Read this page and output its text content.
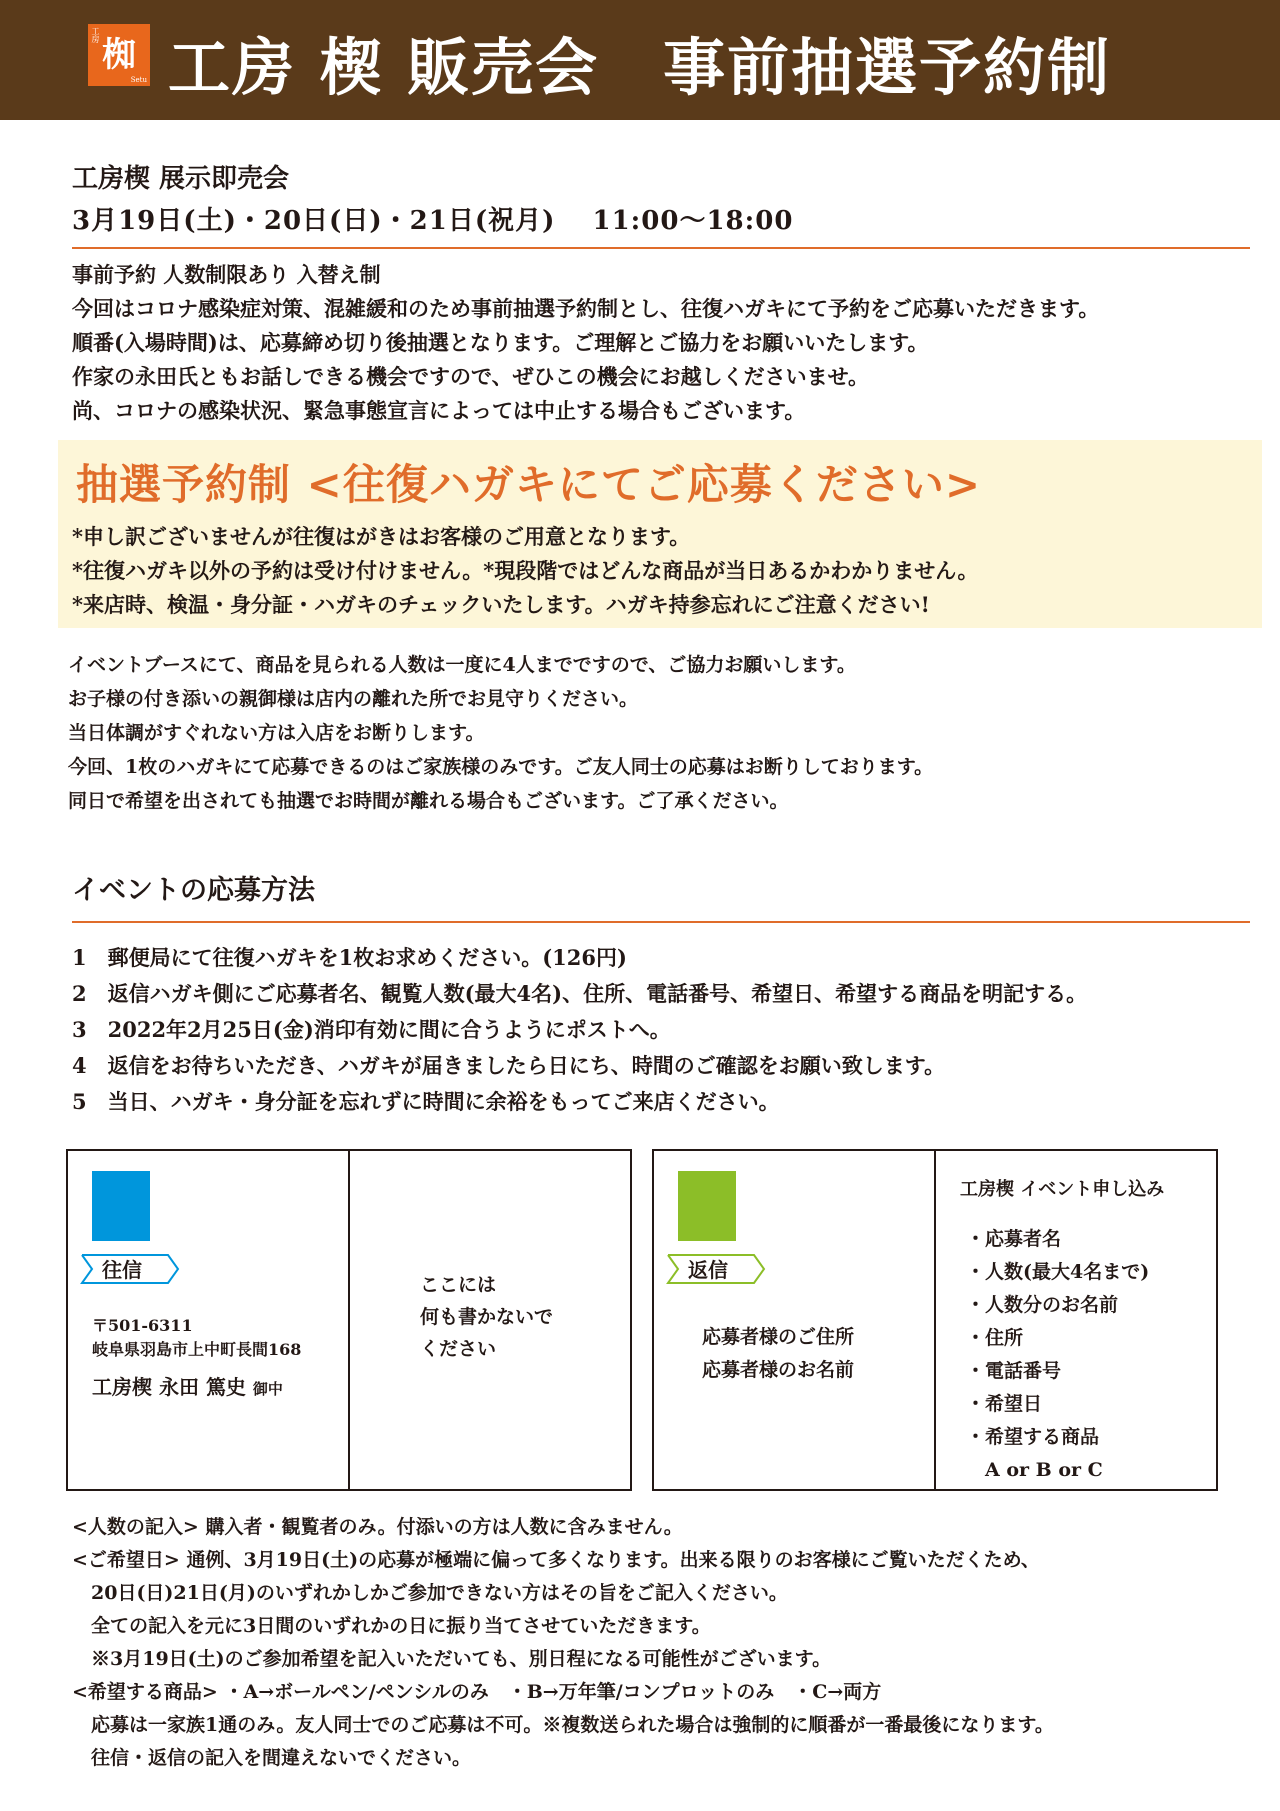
工房 椥
Setu 工房 楔 販売会　事前抽選予約制
工房楔 展示即売会
3月19日(土)・20日(日)・21日(祝月)　 11:00～18:00
事前予約 人数制限あり 入替え制
今回はコロナ感染症対策、混雑緩和のため事前抽選予約制とし、往復ハガキにて予約をご応募いただきます。
順番(入場時間)は、応募締め切り後抽選となります。ご理解とご協力をお願いいたします。
作家の永田氏ともお話しできる機会ですので、ぜひこの機会にお越しくださいませ。
尚、コロナの感染状況、緊急事態宣言によっては中止する場合もございます。
抽選予約制 <往復ハガキにてご応募ください>
*申し訳ございませんが往復はがきはお客様のご用意となります。
*往復ハガキ以外の予約は受け付けません。*現段階ではどんな商品が当日あるかわかりません。
*来店時、検温・身分証・ハガキのチェックいたします。ハガキ持参忘れにご注意ください!
イベントブースにて、商品を見られる人数は一度に4人までですので、ご協力お願いします。
お子様の付き添いの親御様は店内の離れた所でお見守りください。
当日体調がすぐれない方は入店をお断りします。
今回、1枚のハガキにて応募できるのはご家族様のみです。ご友人同士の応募はお断りしております。
同日で希望を出されても抽選でお時間が離れる場合もございます。ご了承ください。
イベントの応募方法
1　郵便局にて往復ハガキを1枚お求めください。(126円)
2　返信ハガキ側にご応募者名、観覧人数(最大4名)、住所、電話番号、希望日、希望する商品を明記する。
3　2022年2月25日(金)消印有効に間に合うようにポストへ。
4　返信をお待ちいただき、ハガキが届きましたら日にち、時間のご確認をお願い致します。
5　当日、ハガキ・身分証を忘れずに時間に余裕をもってご来店ください。
往信
〒501-6311
岐阜県羽島市上中町長間168
工房楔 永田 篤史 御中
ここには
何も書かないで
ください
返信
応募者様のご住所
応募者様のお名前
工房楔 イベント申し込み
・応募者名
・人数(最大4名まで)
・人数分のお名前
・住所
・電話番号
・希望日
・希望する商品
　A or B or C
<人数の記入> 購入者・観覧者のみ。付添いの方は人数に含みません。
<ご希望日> 通例、3月19日(土)の応募が極端に偏って多くなります。出来る限りのお客様にご覧いただくため、
　20日(日)21日(月)のいずれかしかご参加できない方はその旨をご記入ください。
　全ての記入を元に3日間のいずれかの日に振り当てさせていただきます。
　※3月19日(土)のご参加希望を記入いただいても、別日程になる可能性がございます。
<希望する商品> ・A→ボールペン/ペンシルのみ　・B→万年筆/コンプロットのみ　・C→両方
　応募は一家族1通のみ。友人同士でのご応募は不可。※複数送られた場合は強制的に順番が一番最後になります。
　往信・返信の記入を間違えないでください。
